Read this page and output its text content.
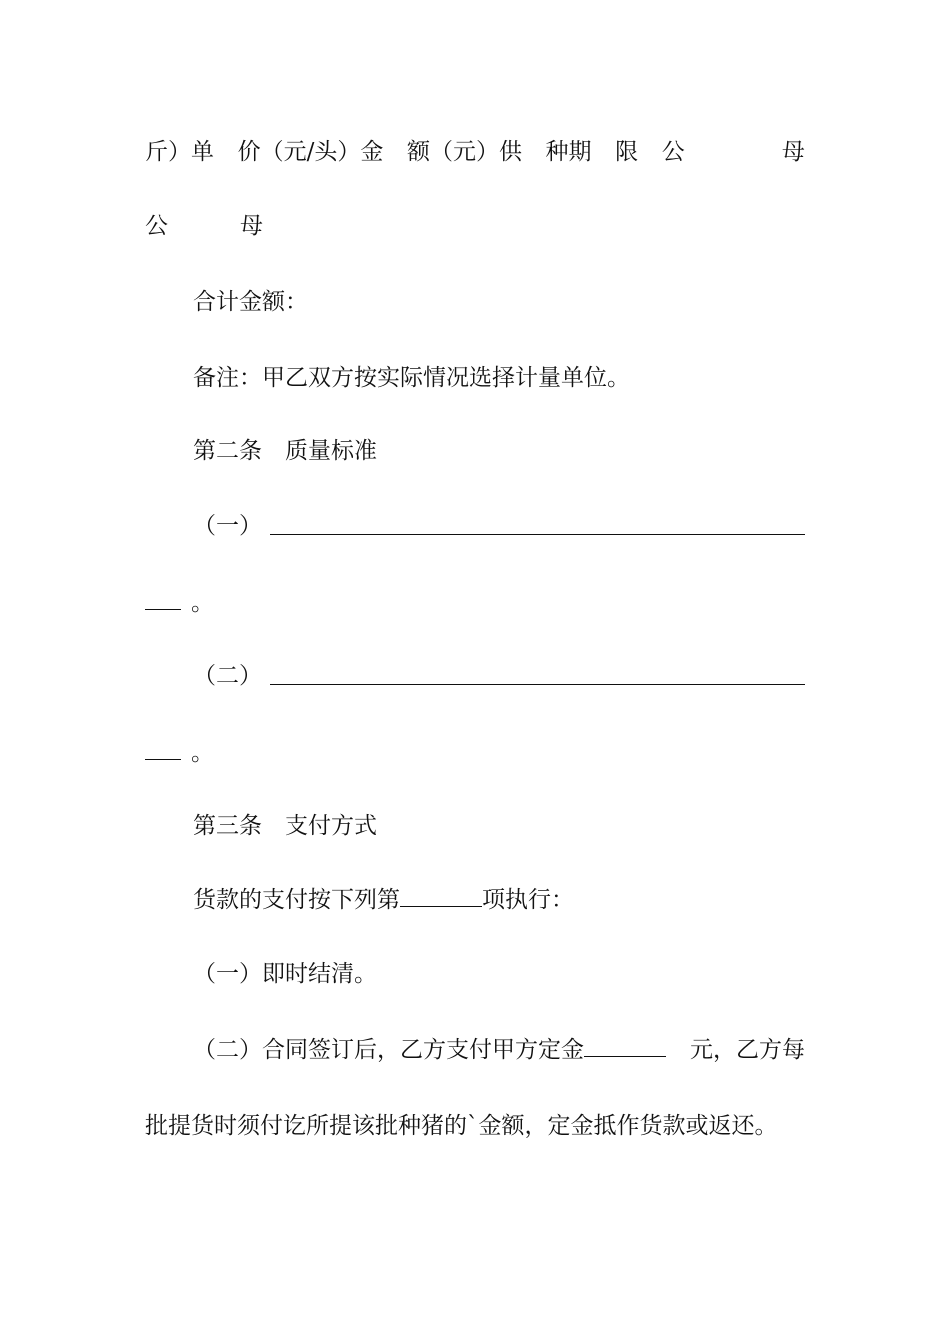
斤）单 价（元/头）金 额（元）供 种期 限 公	母
公	母
合计金额：
备注：甲乙双方按实际情况选择计量单位。
第二条　质量标准
（一）
。
（二）
。
第三条　支付方式
货款的支付按下列第	项执行：
（一）即时结清。
（二）合同签订后，乙方支付甲方定金	元，乙方每
批提货时须付讫所提该批种猪的`金额，定金抵作货款或返还。
